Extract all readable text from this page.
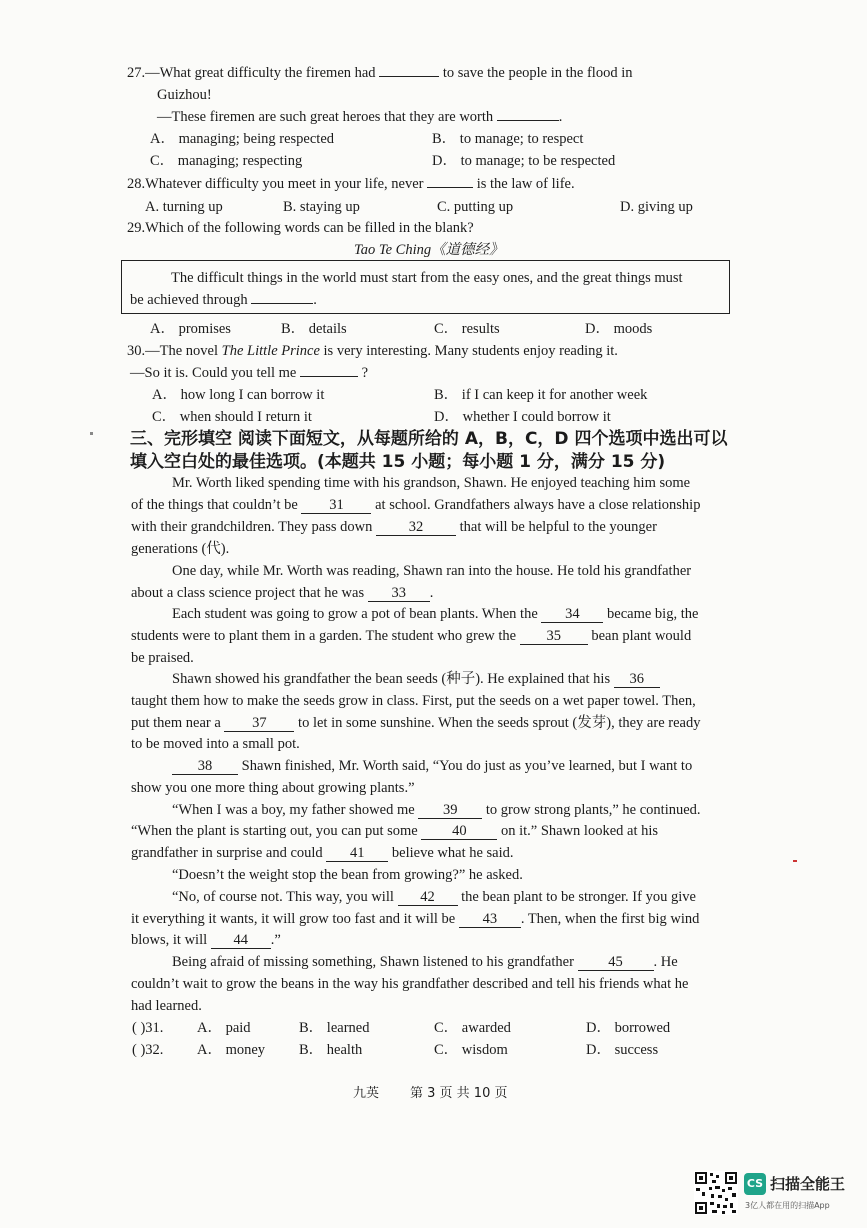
27.—What great difficulty the firemen had	to save the people in the flood in
Guizhou!
—These firemen are such great heroes that they are worth	.
A． managing; being respected	B． to manage; to respect
C． managing; respecting	D． to manage; to be respected
28.Whatever difficulty you meet in your life, never	is the law of life.
A. turning up	B. staying up	C. putting up	D. giving up
29.Which of the following words can be filled in the blank?
Tao Te Ching《道德经》
The difficult things in the world must start from the easy ones, and the great things must
be achieved through	.
A． promises	B． details	C． results	D． moods
30.—The novel The Little Prince is very interesting. Many students enjoy reading it.
—So it is. Could you tell me	?
A． how long I can borrow it	B． if I can keep it for another week
C． when should I return it	D． whether I could borrow it
三、完形填空 阅读下面短文，从每题所给的 A，B，C，D 四个选项中选出可以
填入空白处的最佳选项。(本题共 15 小题；每小题 1 分，满分 15 分)
Mr. Worth liked spending time with his grandson, Shawn. He enjoyed teaching him some
of the things that couldn’t be 31 at school. Grandfathers always have a close relationship
with their grandchildren. They pass down	32	that will be helpful to the younger
generations (代).
One day, while Mr. Worth was reading, Shawn ran into the house. He told his grandfather
about a class science project that he was 33 .
Each student was going to grow a pot of bean plants. When the 34 became big, the
students were to plant them in a garden. The student who grew the 35 bean plant would
be praised.
Shawn showed his grandfather the bean seeds (种子). He explained that his 36
taught them how to make the seeds grow in class. First, put the seeds on a wet paper towel. Then,
put them near a 37 to let in some sunshine. When the seeds sprout (发芽), they are ready
to be moved into a small pot.
38 Shawn finished, Mr. Worth said, “You do just as you’ve learned, but I want to
show you one more thing about growing plants.”
“When I was a boy, my father showed me 39 to grow strong plants,” he continued.
“When the plant is starting out, you can put some 40 on it.” Shawn looked at his
grandfather in surprise and could 41 believe what he said.
“Doesn’t the weight stop the bean from growing?” he asked.
“No, of course not. This way, you will 42 the bean plant to be stronger. If you give
it everything it wants, it will grow too fast and it will be 43 . Then, when the first big wind
blows, it will 44 .”
Being afraid of missing something, Shawn listened to his grandfather 45 . He
couldn’t wait to grow the beans in the way his grandfather described and tell his friends what he
had learned.
( )31. A． paid	B． learned	C． awarded	D． borrowed
( )32. A． money B． health	C． wisdom	D． success
九英 第 3 页 共 10 页
CS 扫描全能王
3亿人都在用的扫描App
